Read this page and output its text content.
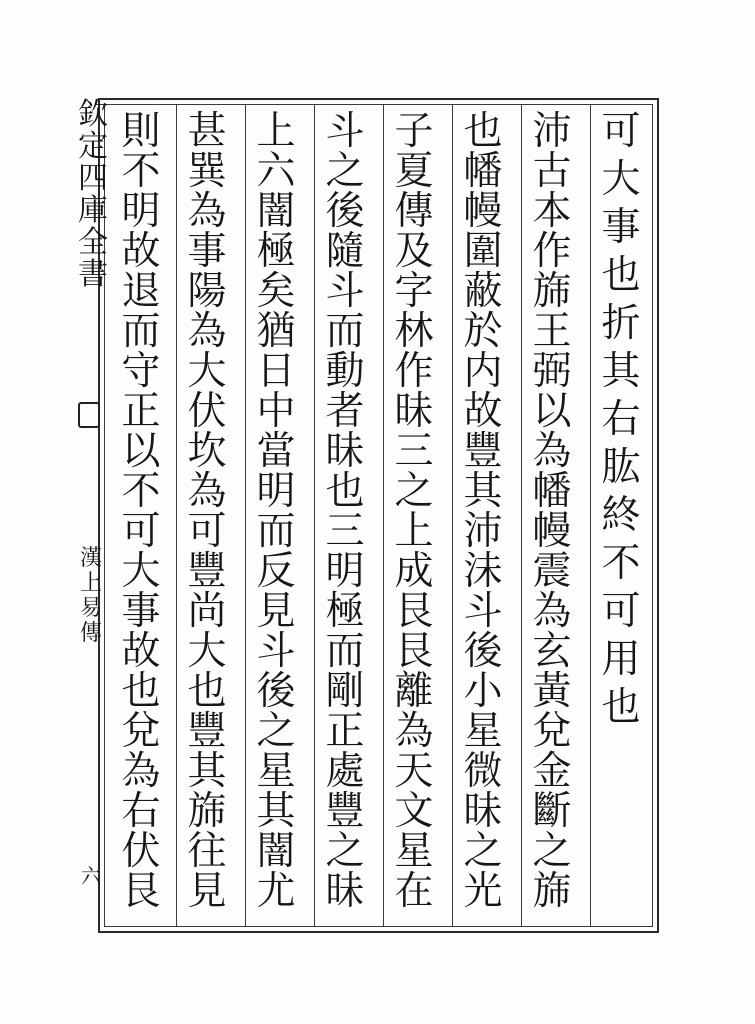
可
大
事
也
折
其
右
肱
終
不
可
用
也
沛
古
本
作
旆
王
弼
以
為
幡
幔
震
為
玄
黃
兌
金
斷
之
旆
也
幡
幔
圍
蔽
於
内
故
豐
其
沛
沬
斗
後
小
星
微
昧
之
光
子
夏
傳
及
字
林
作
昧
三
之
上
成
艮
艮
離
為
天
文
星
在
斗
之
後
隨
斗
而
動
者
昧
也
三
明
極
而
剛
正
處
豐
之
昧
上
六
闇
極
矣
猶
日
中
當
明
而
反
見
斗
後
之
星
其
闇
尤
甚
巽
為
事
陽
為
大
伏
坎
為
可
豐
尚
大
也
豐
其
旆
往
見
則
不
明
故
退
而
守
正
以
不
可
大
事
故
也
兌
為
右
伏
艮
欽
定
四
庫
全
書
漢
上
易
傳
六
